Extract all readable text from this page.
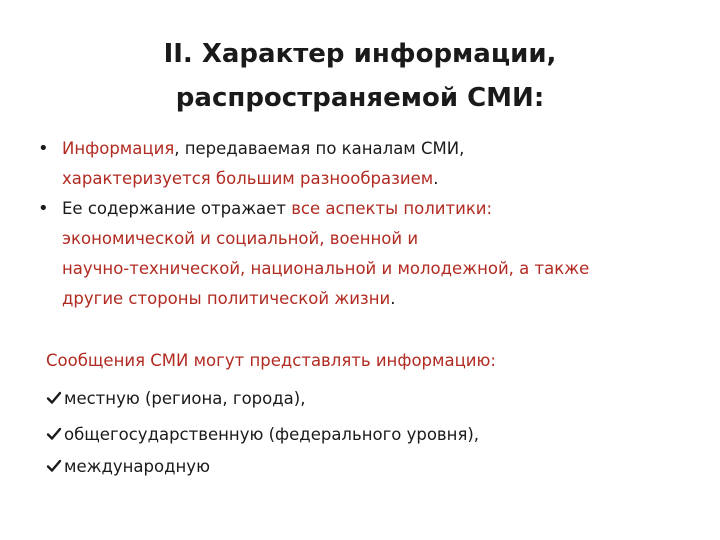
II. Характер информации,
распространяемой СМИ:
• Информация, передаваемая по каналам СМИ,
характеризуется большим разнообразием.
• Ее содержание отражает все аспекты политики:
экономической и социальной, военной и
научно-технической, национальной и молодежной, а также
другие стороны политической жизни.
Сообщения СМИ могут представлять информацию:
местную (региона, города),
общегосударственную (федерального уровня),
международную
